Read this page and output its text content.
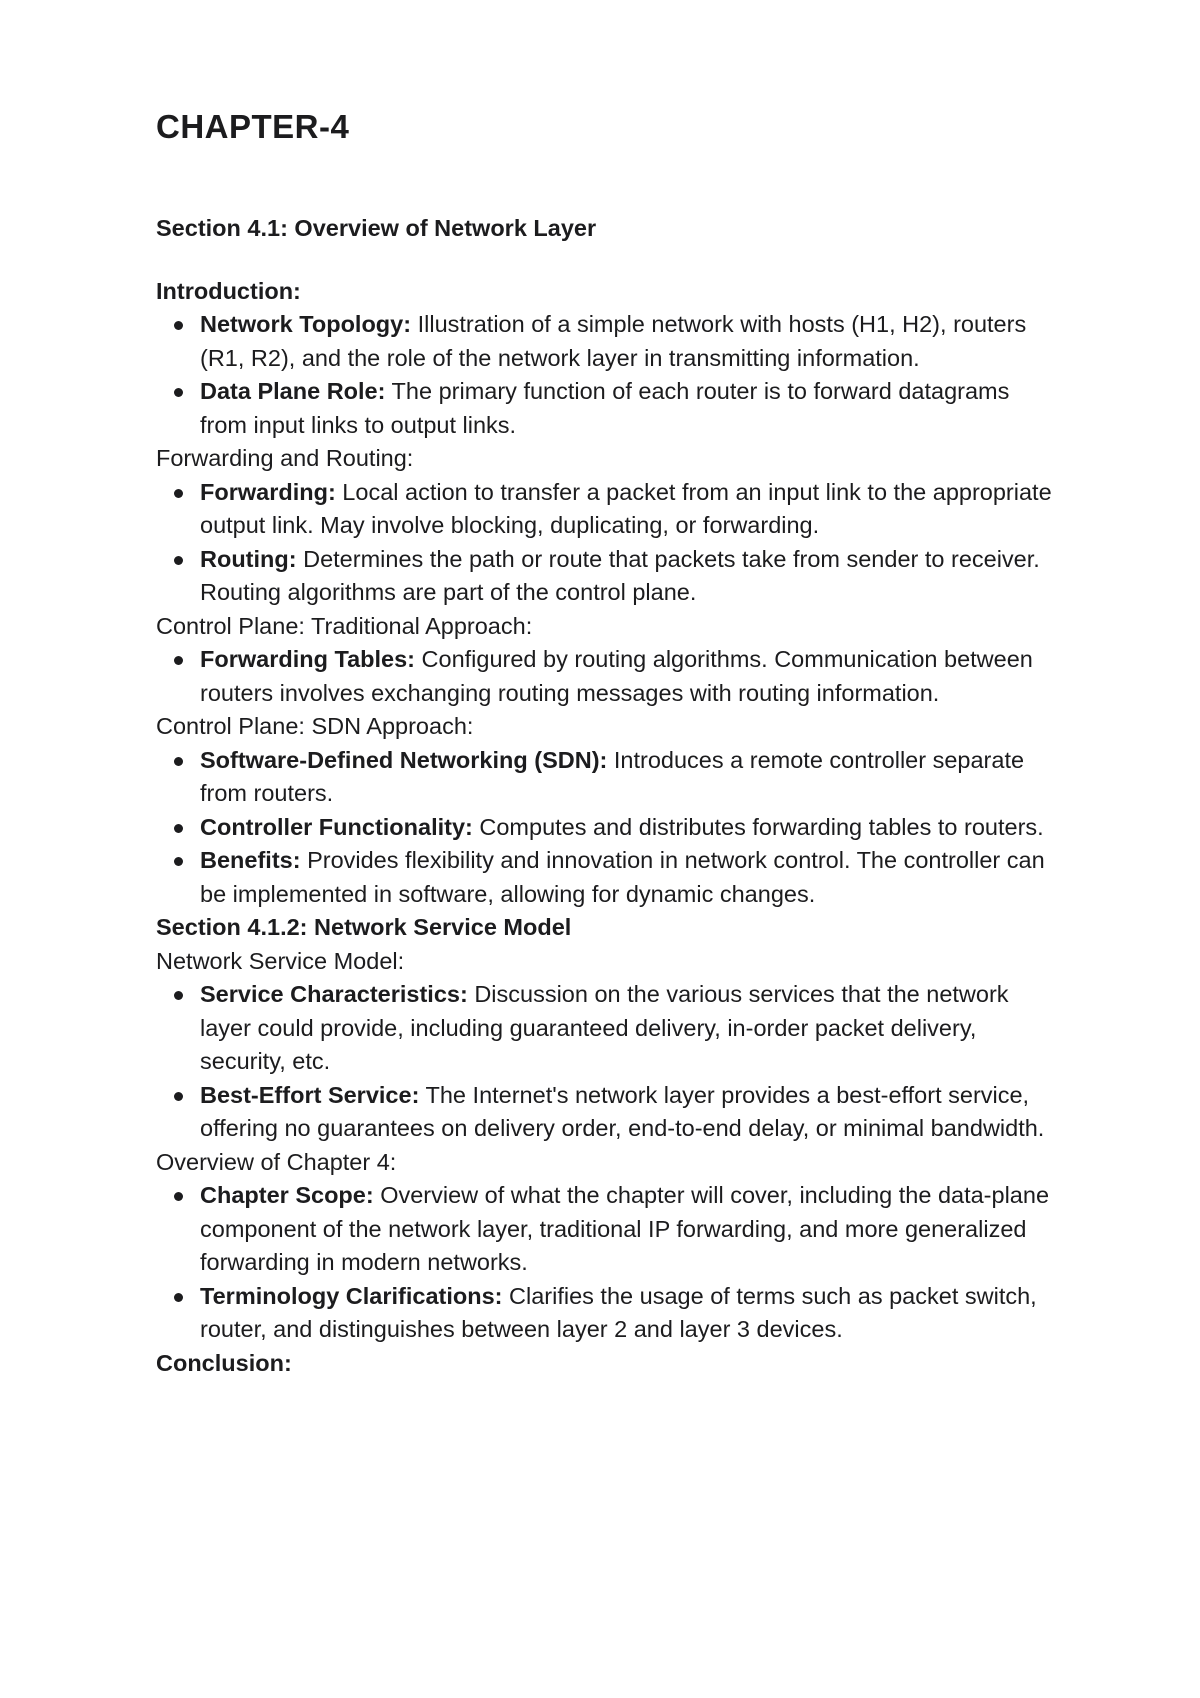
CHAPTER-4

Section 4.1: Overview of Network Layer

Introduction:

Network Topology: Illustration of a simple network with hosts (H1, H2), routers (R1, R2), and the role of the network layer in transmitting information.
Data Plane Role: The primary function of each router is to forward datagrams from input links to output links.

Forwarding and Routing:

Forwarding: Local action to transfer a packet from an input link to the appropriate output link. May involve blocking, duplicating, or forwarding.
Routing: Determines the path or route that packets take from sender to receiver. Routing algorithms are part of the control plane.

Control Plane: Traditional Approach:

Forwarding Tables: Configured by routing algorithms. Communication between routers involves exchanging routing messages with routing information.

Control Plane: SDN Approach:

Software-Defined Networking (SDN): Introduces a remote controller separate from routers.
Controller Functionality: Computes and distributes forwarding tables to routers.
Benefits: Provides flexibility and innovation in network control. The controller can be implemented in software, allowing for dynamic changes.

Section 4.1.2: Network Service Model

Network Service Model:

Service Characteristics: Discussion on the various services that the network layer could provide, including guaranteed delivery, in-order packet delivery, security, etc.
Best-Effort Service: The Internet's network layer provides a best-effort service, offering no guarantees on delivery order, end-to-end delay, or minimal bandwidth.

Overview of Chapter 4:

Chapter Scope: Overview of what the chapter will cover, including the data-plane component of the network layer, traditional IP forwarding, and more generalized forwarding in modern networks.
Terminology Clarifications: Clarifies the usage of terms such as packet switch, router, and distinguishes between layer 2 and layer 3 devices.

Conclusion:
